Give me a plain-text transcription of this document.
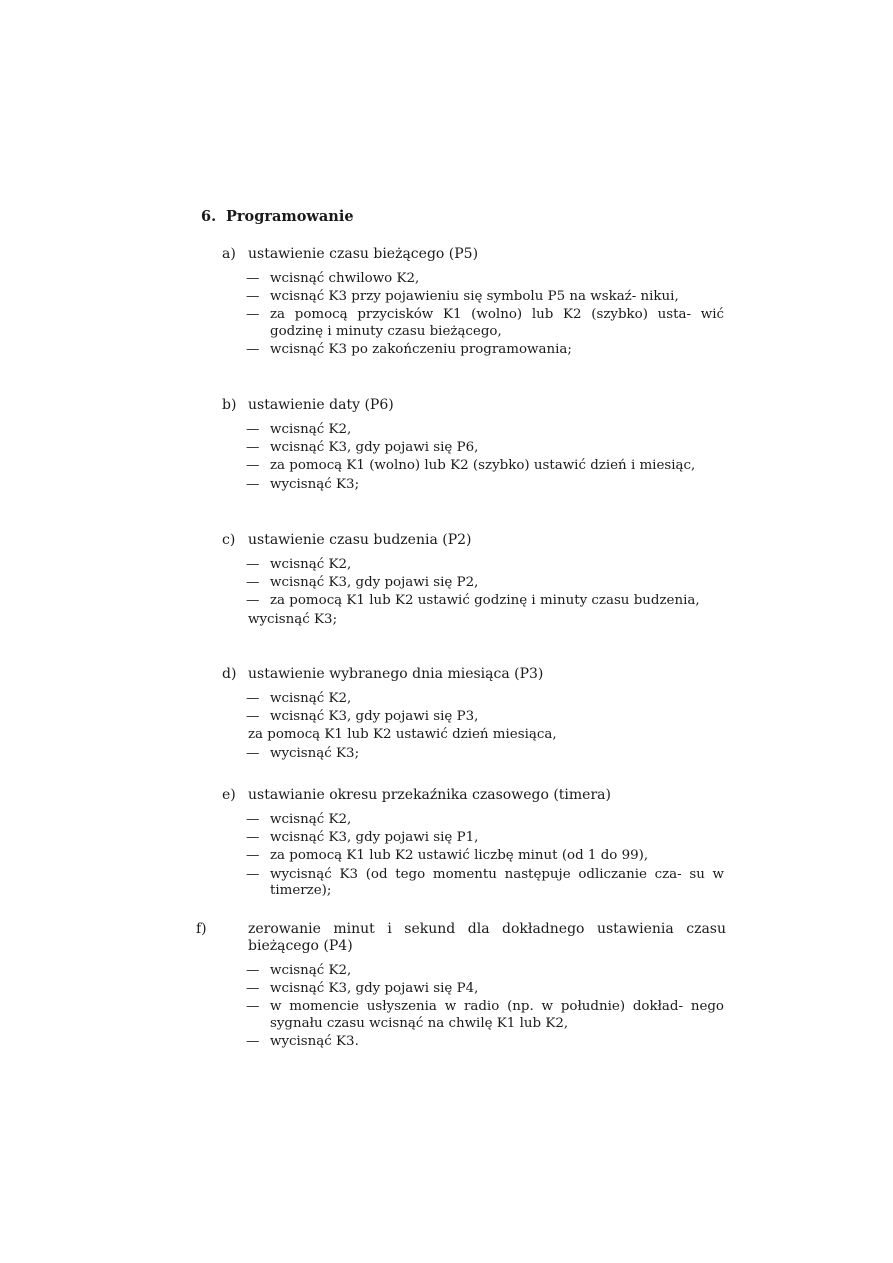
6. Programowanie
a) ustawienie czasu bieżącego (P5)
— wcisnąć chwilowo K2,
— wcisnąć K3 przy pojawieniu się symbolu P5 na wskaź- nikui,
— za pomocą przycisków K1 (wolno) lub K2 (szybko) usta- wić godzinę i minuty czasu bieżącego,
— wcisnąć K3 po zakończeniu programowania;
b) ustawienie daty (P6)
— wcisnąć K2,
— wcisnąć K3, gdy pojawi się P6,
— za pomocą K1 (wolno) lub K2 (szybko) ustawić dzień i miesiąc,
— wycisnąć K3;
c) ustawienie czasu budzenia (P2)
— wcisnąć K2,
— wcisnąć K3, gdy pojawi się P2,
— za pomocą K1 lub K2 ustawić godzinę i minuty czasu budzenia,
wycisnąć K3;
d) ustawienie wybranego dnia miesiąca (P3)
— wcisnąć K2,
— wcisnąć K3, gdy pojawi się P3,
za pomocą K1 lub K2 ustawić dzień miesiąca,
— wycisnąć K3;
e) ustawianie okresu przekaźnika czasowego (timera)
— wcisnąć K2,
— wcisnąć K3, gdy pojawi się P1,
— za pomocą K1 lub K2 ustawić liczbę minut (od 1 do 99),
— wycisnąć K3 (od tego momentu następuje odliczanie cza- su w timerze);
f)	zerowanie minut i sekund dla dokładnego ustawienia czasu bieżącego (P4)
— wcisnąć K2,
— wcisnąć K3, gdy pojawi się P4,
— w momencie usłyszenia w radio (np. w południe) dokład- nego sygnału czasu wcisnąć na chwilę K1 lub K2,
— wycisnąć K3.
